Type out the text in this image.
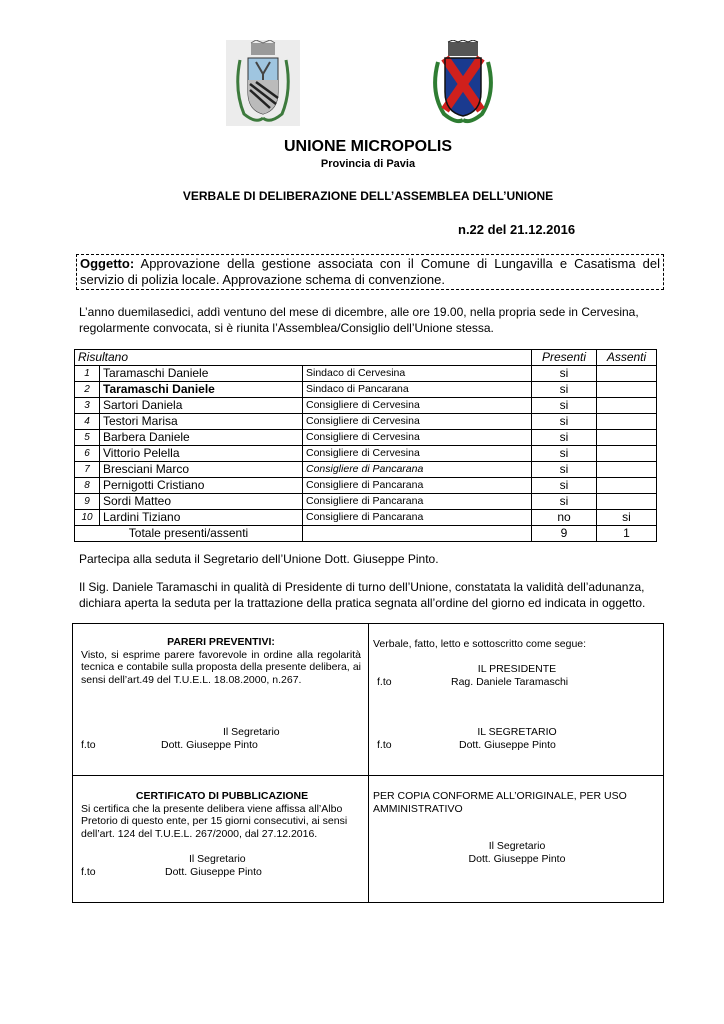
UNIONE MICROPOLIS
Provincia di Pavia
VERBALE DI DELIBERAZIONE DELL’ASSEMBLEA DELL’UNIONE
n.22 del 21.12.2016
Oggetto: Approvazione della gestione associata con il Comune di Lungavilla e Casatisma del servizio di polizia locale. Approvazione schema di convenzione.
L’anno duemilasedici, addì ventuno del mese di dicembre, alle ore 19.00, nella propria sede in Cervesina, regolarmente convocata, si è riunita l’Assemblea/Consiglio dell’Unione stessa.
Risultano			Presenti	Assenti
1	Taramaschi Daniele	Sindaco di Cervesina	si	
2	Taramaschi Daniele	Sindaco di Pancarana	si	
3	Sartori Daniela	Consigliere di Cervesina	si	
4	Testori Marisa	Consigliere di Cervesina	si	
5	Barbera Daniele	Consigliere di Cervesina	si	
6	Vittorio Pelella	Consigliere di Cervesina	si	
7	Bresciani Marco	Consigliere di Pancarana	si	
8	Pernigotti Cristiano	Consigliere di Pancarana	si	
9	Sordi Matteo	Consigliere di Pancarana	si	
10	Lardini Tiziano	Consigliere di Pancarana	no	si
Totale presenti/assenti			9	1
Partecipa alla seduta il Segretario dell’Unione Dott. Giuseppe Pinto.
Il Sig. Daniele Taramaschi in qualità di Presidente di turno dell’Unione, constatata la validità dell’adunanza, dichiara aperta la seduta per la trattazione della pratica segnata all’ordine del giorno ed indicata in oggetto.
PARERI PREVENTIVI:
Visto, si esprime parere favorevole in ordine alla regolarità tecnica e contabile sulla proposta della presente delibera, ai sensi dell’art.49 del T.U.E.L. 18.08.2000, n.267.
Il Segretario
f.to	Dott. Giuseppe Pinto
Verbale, fatto, letto e sottoscritto come segue:
IL PRESIDENTE
f.to	Rag. Daniele Taramaschi
IL SEGRETARIO
f.to	Dott. Giuseppe Pinto
CERTIFICATO DI PUBBLICAZIONE
Si certifica che la presente delibera viene affissa all’Albo Pretorio di questo ente, per 15 giorni consecutivi, ai sensi dell’art. 124 del T.U.E.L. 267/2000, dal 27.12.2016.
Il Segretario
f.to	Dott. Giuseppe Pinto
PER COPIA CONFORME ALL’ORIGINALE, PER USO AMMINISTRATIVO
Il Segretario
Dott. Giuseppe Pinto
